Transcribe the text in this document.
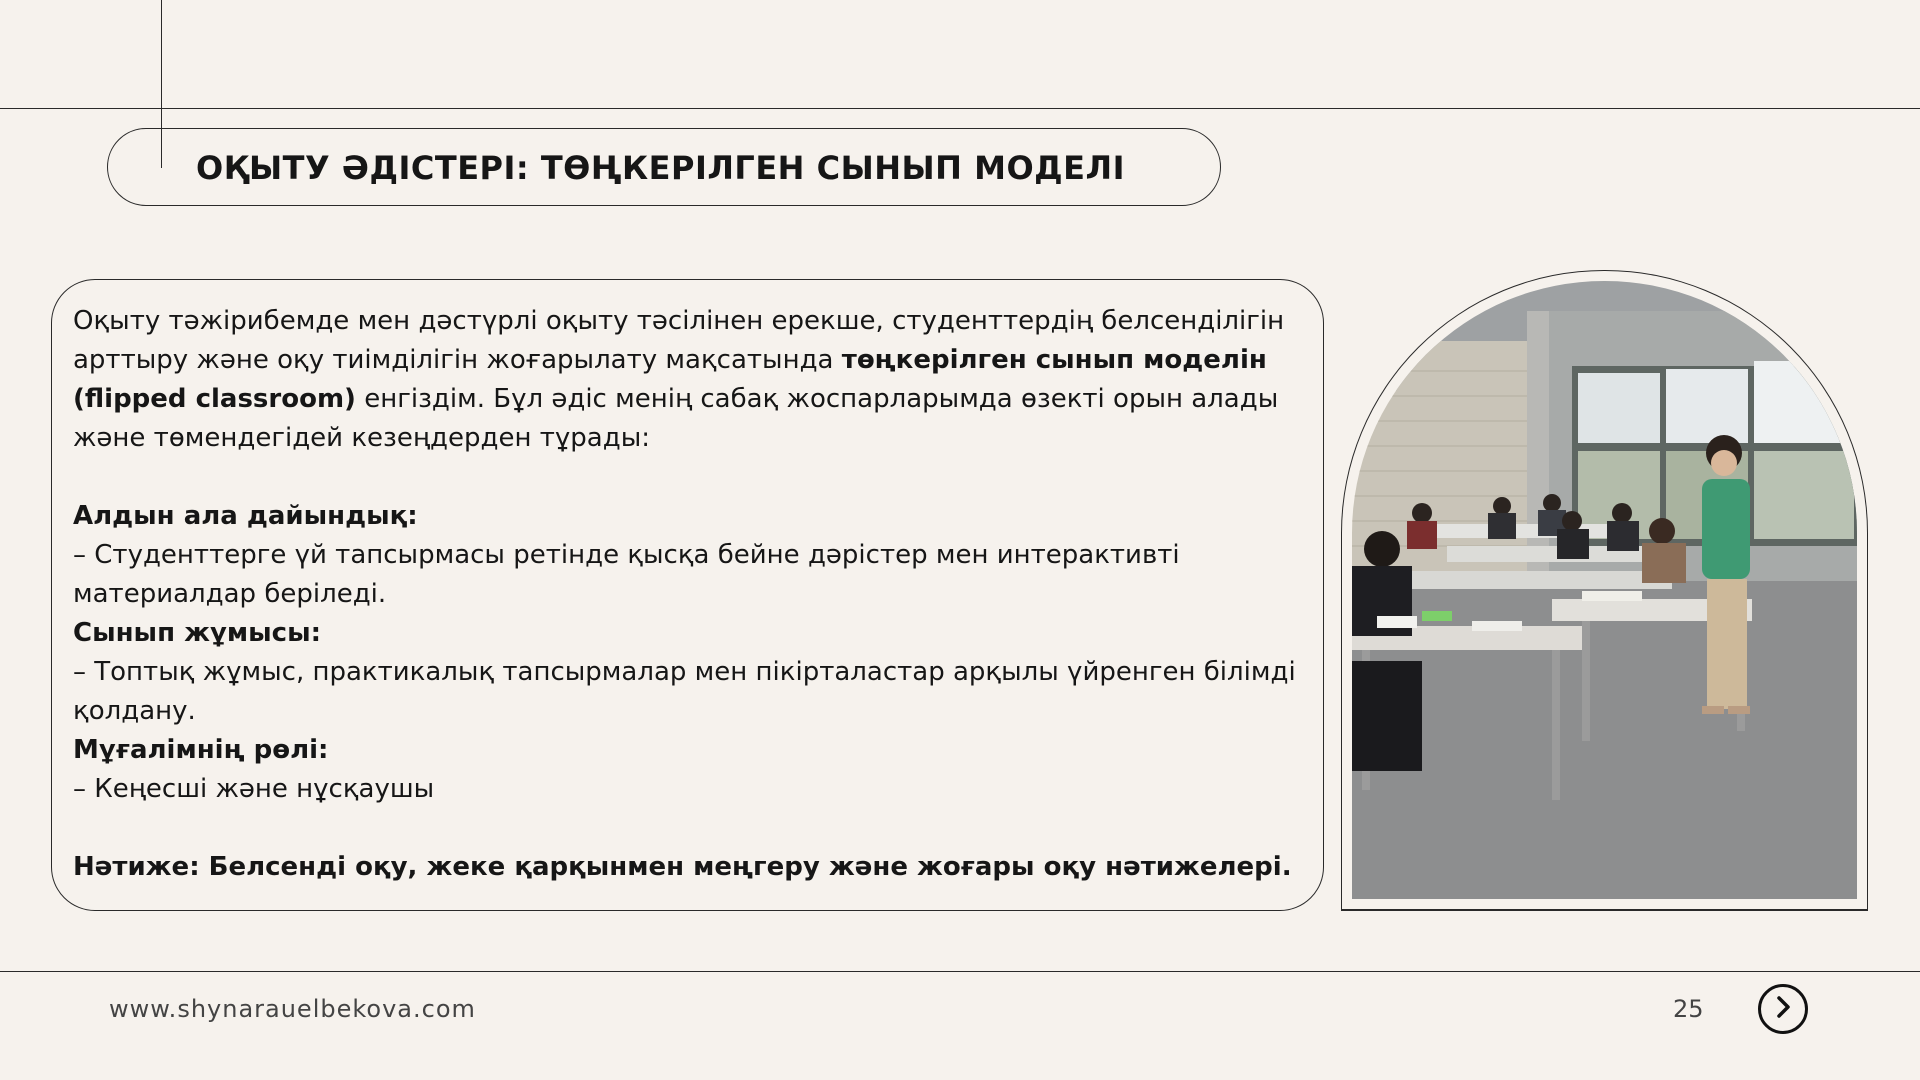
ОҚЫТУ ӘДІСТЕРІ: ТӨҢКЕРІЛГЕН СЫНЫП МОДЕЛІ

Оқыту тәжірибемде мен дәстүрлі оқыту тәсілінен ерекше, студенттердің белсенділігін арттыру және оқу тиімділігін жоғарылату мақсатында төңкерілген сынып моделін (flipped classroom) енгіздім. Бұл әдіс менің сабақ жоспарларымда өзекті орын алады және төмендегідей кезеңдерден тұрады:

Алдын ала дайындық:

– Студенттерге үй тапсырмасы ретінде қысқа бейне дәрістер мен интерактивті материалдар беріледі.

Сынып жұмысы:

– Топтық жұмыс, практикалық тапсырмалар мен пікірталастар арқылы үйренген білімді қолдану.

Мұғалімнің рөлі:

– Кеңесші және нұсқаушы

Нәтиже: Белсенді оқу, жеке қарқынмен меңгеру және жоғары оқу нәтижелері.

www.shynarauelbekova.com	25
